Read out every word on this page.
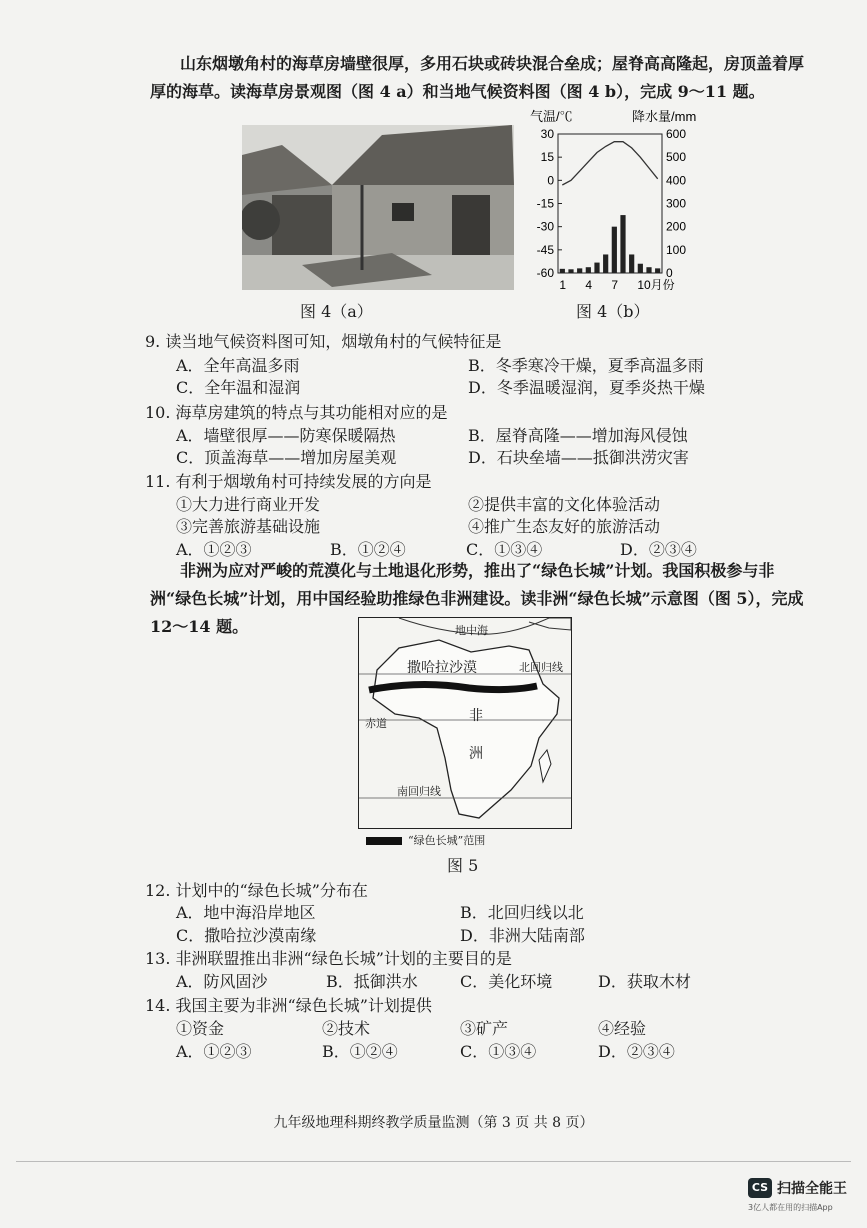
山东烟墩角村的海草房墙壁很厚，多用石块或砖块混合垒成；屋脊高高隆起，房顶盖着厚厚的海草。读海草房景观图（图 4 a）和当地气候资料图（图 4 b），完成 9～11 题。
图 4（a）
气温/℃	降水量/mm
30
15
0
-15
-30
-45
-60
600
500
400
300
200
100
0
1 4 7 10月份
图 4（b）
9. 读当地气候资料图可知，烟墩角村的气候特征是
A．全年高温多雨	B．冬季寒冷干燥，夏季高温多雨
C．全年温和湿润	D．冬季温暖湿润，夏季炎热干燥
10. 海草房建筑的特点与其功能相对应的是
A．墙壁很厚——防寒保暖隔热	B．屋脊高隆——增加海风侵蚀
C．顶盖海草——增加房屋美观	D．石块垒墙——抵御洪涝灾害
11. 有利于烟墩角村可持续发展的方向是
①大力进行商业开发	②提供丰富的文化体验活动
③完善旅游基础设施	④推广生态友好的旅游活动
A．①②③	B．①②④	C．①③④	D．②③④
非洲为应对严峻的荒漠化与土地退化形势，推出了“绿色长城”计划。我国积极参与非洲“绿色长城”计划，用中国经验助推绿色非洲建设。读非洲“绿色长城”示意图（图 5），完成 12～14 题。	地中海
撒哈拉沙漠	北回归线
赤道	非
洲
南回归线
“绿色长城”范围
图 5
12. 计划中的“绿色长城”分布在
A．地中海沿岸地区	B．北回归线以北
C．撒哈拉沙漠南缘	D．非洲大陆南部
13. 非洲联盟推出非洲“绿色长城”计划的主要目的是
A．防风固沙	B．抵御洪水	C．美化环境	D．获取木材
14. 我国主要为非洲“绿色长城”计划提供
①资金	②技术	③矿产	④经验
A．①②③	B．①②④	C．①③④	D．②③④
九年级地理科期终教学质量监测（第 3 页 共 8 页）
CS 扫描全能王
3亿人都在用的扫描App
